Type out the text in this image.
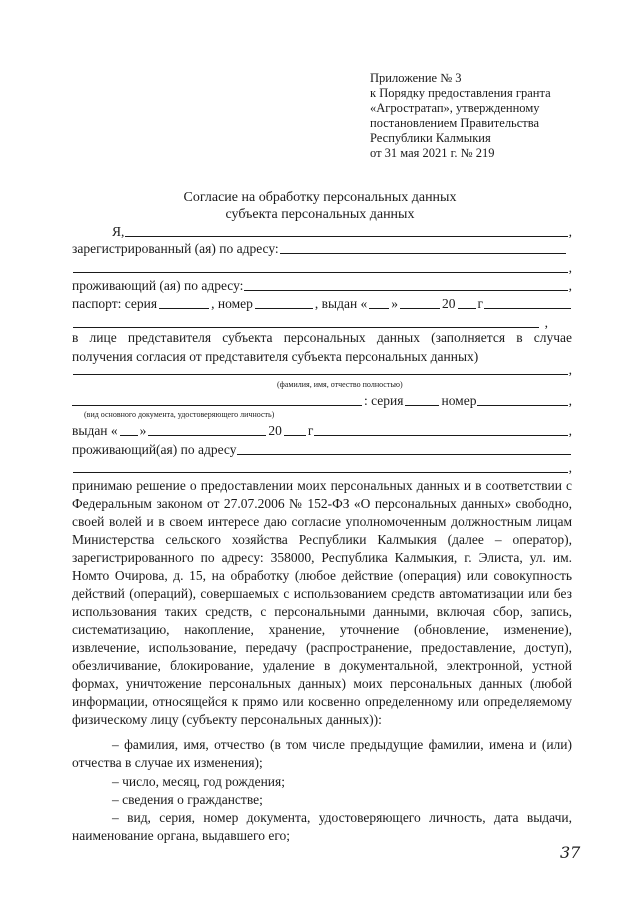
Приложение № 3
к Порядку предоставления гранта
«Агростратап», утвержденному
постановлением Правительства
Республики Калмыкия
от 31 мая 2021 г. № 219
Согласие на обработку персональных данных
субъекта персональных данных
Я,	,
зарегистрированный (ая) по адресу:
,
проживающий (ая) по адресу:	,
паспорт: серия	, номер	, выдан « »	20 г
,
в лице представителя субъекта персональных данных (заполняется в случае получения согласия от представителя субъекта персональных данных)
,
(фамилия, имя, отчество полностью)
: серия	номер	,
(вид основного документа, удостоверяющего личность)
выдан « »	20 г	,
проживающий(ая) по адресу
,
принимаю решение о предоставлении моих персональных данных и в соответствии с Федеральным законом от 27.07.2006 № 152-ФЗ «О персональных данных» свободно, своей волей и в своем интересе даю согласие уполномоченным должностным лицам Министерства сельского хозяйства Республики Калмыкия (далее – оператор), зарегистрированного по адресу: 358000, Республика Калмыкия, г. Элиста, ул. им. Номто Очирова, д. 15, на обработку (любое действие (операция) или совокупность действий (операций), совершаемых с использованием средств автоматизации или без использования таких средств, с персональными данными, включая сбор, запись, систематизацию, накопление, хранение, уточнение (обновление, изменение), извлечение, использование, передачу (распространение, предоставление, доступ), обезличивание, блокирование, удаление в документальной, электронной, устной формах, уничтожение персональных данных) моих персональных данных (любой информации, относящейся к прямо или косвенно определенному или определяемому физическому лицу (субъекту персональных данных)):
– фамилия, имя, отчество (в том числе предыдущие фамилии, имена и (или) отчества в случае их изменения);
– число, месяц, год рождения;
– сведения о гражданстве;
– вид, серия, номер документа, удостоверяющего личность, дата выдачи, наименование органа, выдавшего его;
37
